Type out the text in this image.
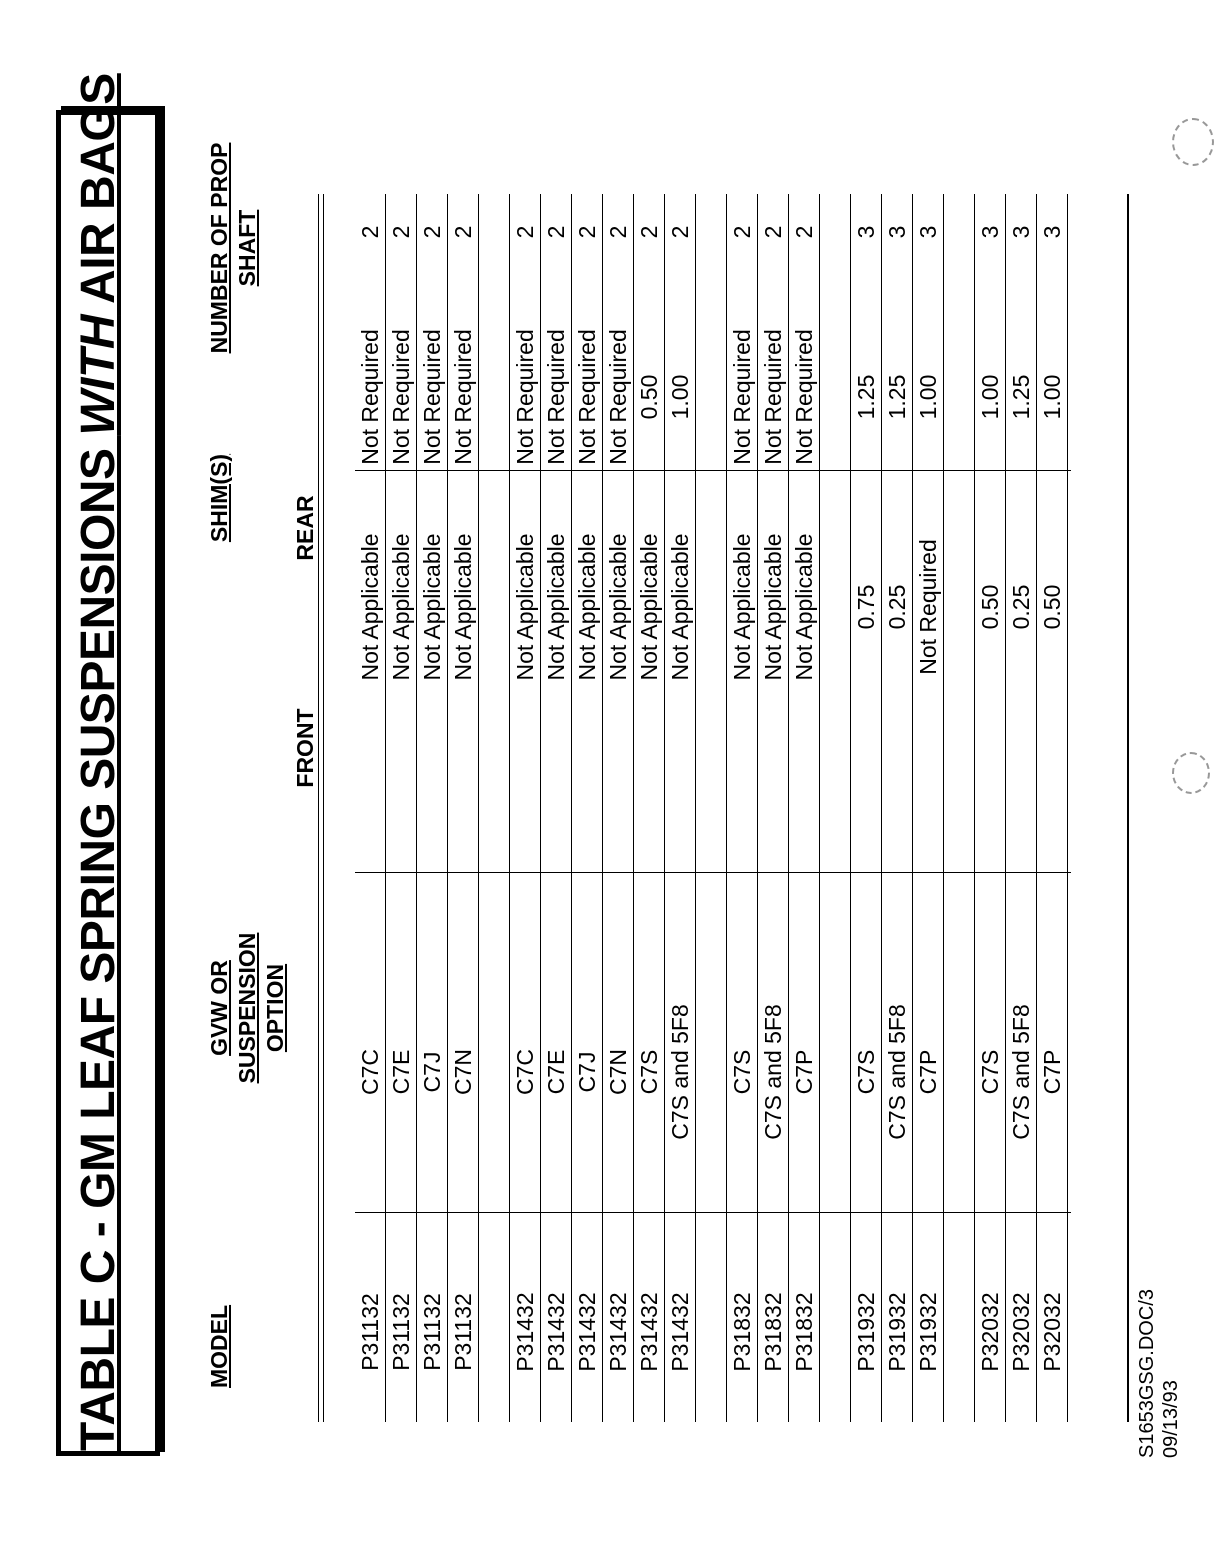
TABLE C - GM LEAF SPRING SUSPENSIONS WITH AIR BAGS
MODEL
GVW OR SUSPENSION OPTION
SHIM(S)
FRONT
REAR
NUMBER OF PROP SHAFT
P31132
C7C
Not Applicable
Not Required
2
P31132
C7E
Not Applicable
Not Required
2
P31132
C7J
Not Applicable
Not Required
2
P31132
C7N
Not Applicable
Not Required
2
P31432
C7C
Not Applicable
Not Required
2
P31432
C7E
Not Applicable
Not Required
2
P31432
C7J
Not Applicable
Not Required
2
P31432
C7N
Not Applicable
Not Required
2
P31432
C7S
Not Applicable
0.50
2
P31432
C7S and 5F8
Not Applicable
1.00
2
P31832
C7S
Not Applicable
Not Required
2
P31832
C7S and 5F8
Not Applicable
Not Required
2
P31832
C7P
Not Applicable
Not Required
2
P31932
C7S
0.75
1.25
3
P31932
C7S and 5F8
0.25
1.25
3
P31932
C7P
Not Required
1.00
3
P32032
C7S
0.50
1.00
3
P32032
C7S and 5F8
0.25
1.25
3
P32032
C7P
0.50
1.00
3
S1653GSG.DOC/3 09/13/93
